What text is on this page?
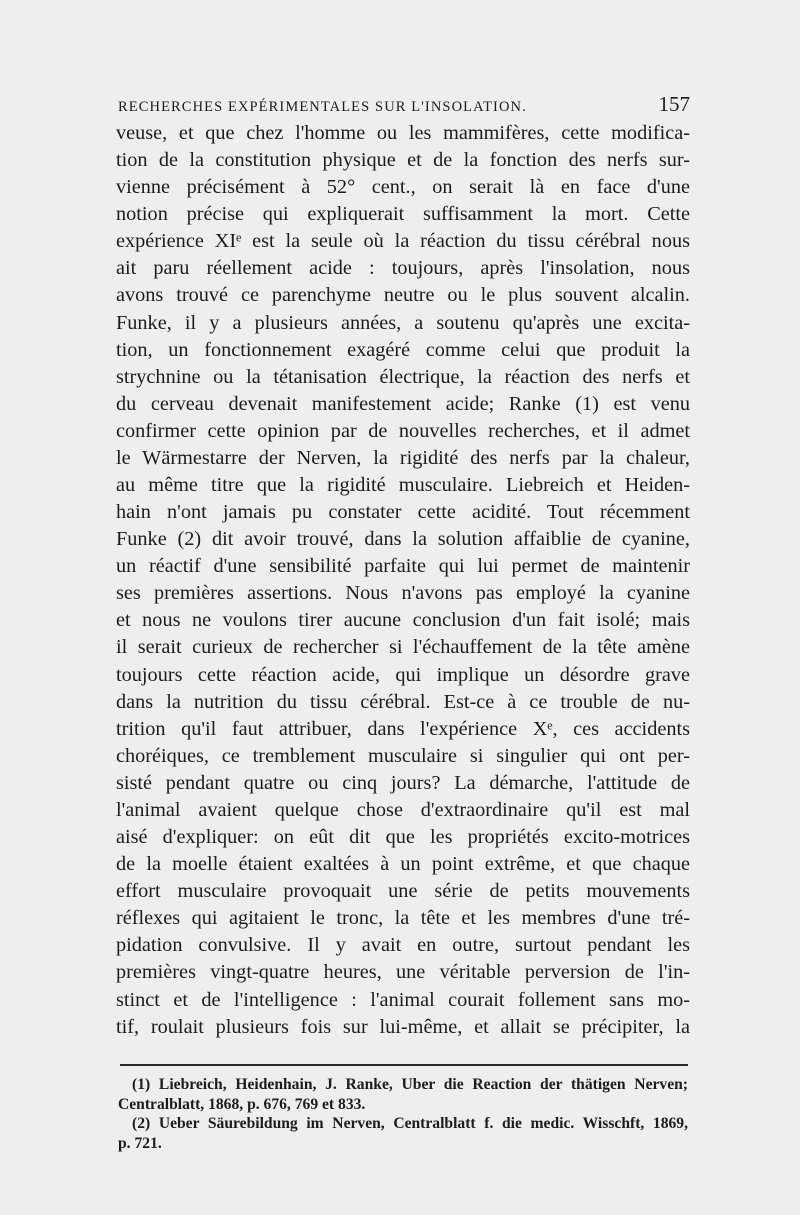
RECHERCHES EXPÉRIMENTALES SUR L'INSOLATION.	157
veuse, et que chez l'homme ou les mammifères, cette modifica-
tion de la constitution physique et de la fonction des nerfs sur-
vienne précisément à 52° cent., on serait là en face d'une
notion précise qui expliquerait suffisamment la mort. Cette
expérience XIᵉ est la seule où la réaction du tissu cérébral nous
ait paru réellement acide : toujours, après l'insolation, nous
avons trouvé ce parenchyme neutre ou le plus souvent alcalin.
Funke, il y a plusieurs années, a soutenu qu'après une excita-
tion, un fonctionnement exagéré comme celui que produit la
strychnine ou la tétanisation électrique, la réaction des nerfs et
du cerveau devenait manifestement acide; Ranke (1) est venu
confirmer cette opinion par de nouvelles recherches, et il admet
le Wärmestarre der Nerven, la rigidité des nerfs par la chaleur,
au même titre que la rigidité musculaire. Liebreich et Heiden-
hain n'ont jamais pu constater cette acidité. Tout récemment
Funke (2) dit avoir trouvé, dans la solution affaiblie de cyanine,
un réactif d'une sensibilité parfaite qui lui permet de maintenir
ses premières assertions. Nous n'avons pas employé la cyanine
et nous ne voulons tirer aucune conclusion d'un fait isolé; mais
il serait curieux de rechercher si l'échauffement de la tête amène
toujours cette réaction acide, qui implique un désordre grave
dans la nutrition du tissu cérébral. Est-ce à ce trouble de nu-
trition qu'il faut attribuer, dans l'expérience Xᵉ, ces accidents
choréiques, ce tremblement musculaire si singulier qui ont per-
sisté pendant quatre ou cinq jours? La démarche, l'attitude de
l'animal avaient quelque chose d'extraordinaire qu'il est mal
aisé d'expliquer: on eût dit que les propriétés excito-motrices
de la moelle étaient exaltées à un point extrême, et que chaque
effort musculaire provoquait une série de petits mouvements
réflexes qui agitaient le tronc, la tête et les membres d'une tré-
pidation convulsive. Il y avait en outre, surtout pendant les
premières vingt-quatre heures, une véritable perversion de l'in-
stinct et de l'intelligence : l'animal courait follement sans mo-
tif, roulait plusieurs fois sur lui-même, et allait se précipiter, la
(1) Liebreich, Heidenhain, J. Ranke, Uber die Reaction der thätigen Nerven;
Centralblatt, 1868, p. 676, 769 et 833.
(2) Ueber Säurebildung im Nerven, Centralblatt f. die medic. Wisschft, 1869,
p. 721.
